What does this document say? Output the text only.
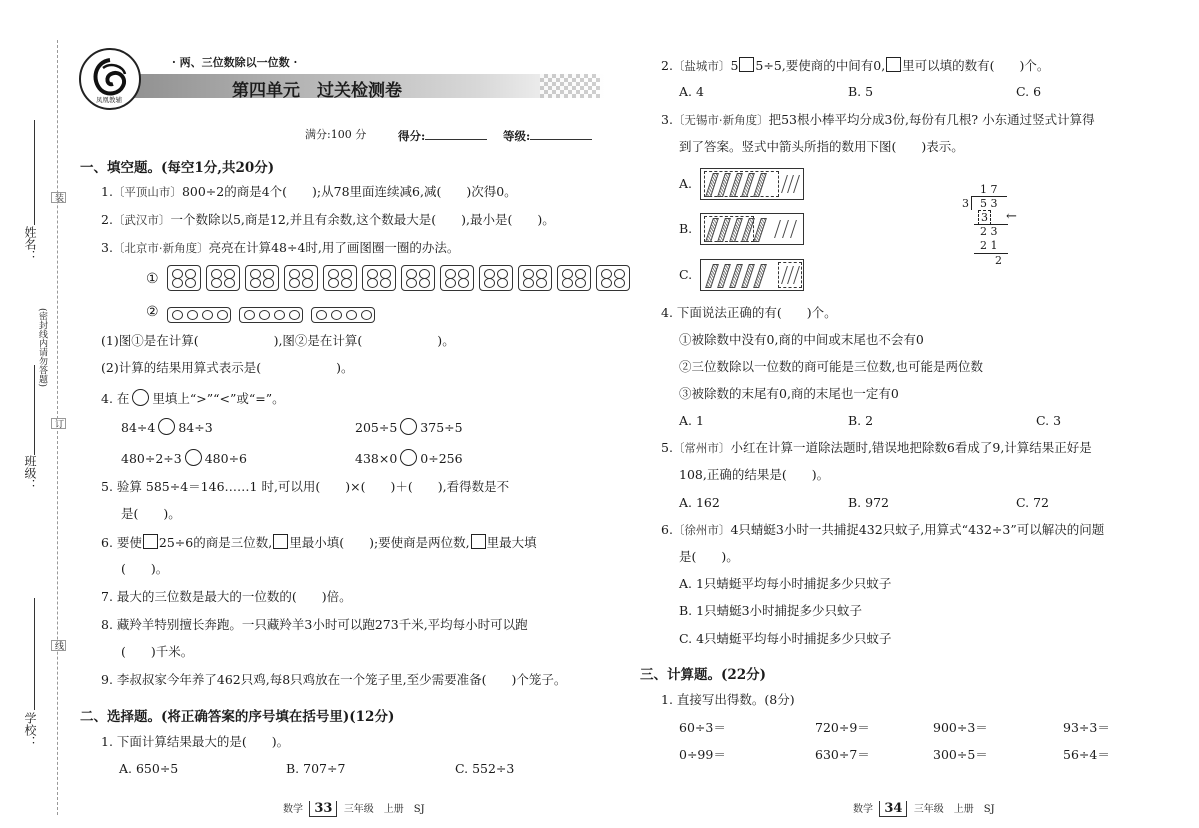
姓名：
班级：
学校：
(密封线内请勿答题)
装
订
线
凤凰教辅
· 两、三位数除以一位数 ·
第四单元　过关检测卷
满分:100 分	得分:	等级:
一、填空题。(每空1分,共20分)
1.〔平顶山市〕800÷2的商是4个(　　);从78里面连续减6,减(　　)次得0。
2.〔武汉市〕一个数除以5,商是12,并且有余数,这个数最大是(　　),最小是(　　)。
3.〔北京市·新角度〕亮亮在计算48÷4时,用了画图圈一圈的办法。
①
②
(1)图①是在计算(　　　　　　),图②是在计算(　　　　　　)。
(2)计算的结果用算式表示是(　　　　　　)。
4. 在 里填上“>”“<”或“=”。
84÷4 84÷3	205÷5 375÷5
480÷2÷3 480÷6	438×0 0÷256
5. 验算 585÷4＝146……1 时,可以用(　　)×(　　)＋(　　),看得数是不
是(　　)。
6. 要使 25÷6的商是三位数, 里最小填(　　);要使商是两位数, 里最大填
(　　)。
7. 最大的三位数是最大的一位数的(　　)倍。
8. 藏羚羊特别擅长奔跑。一只藏羚羊3小时可以跑273千米,平均每小时可以跑
(　　)千米。
9. 李叔叔家今年养了462只鸡,每8只鸡放在一个笼子里,至少需要准备(　　)个笼子。
二、选择题。(将正确答案的序号填在括号里)(12分)
1. 下面计算结果最大的是(　　)。
A. 650÷5	B. 707÷7	C. 552÷3
数学 33 三年级　上册　SJ
2.〔盐城市〕5 5÷5,要使商的中间有0, 里可以填的数有(　　)个。
A. 4	B. 5	C. 6
3.〔无锡市·新角度〕把53根小棒平均分成3份,每份有几根? 小东通过竖式计算得
到了答案。竖式中箭头所指的数用下图(　　)表示。
A.
B.
C.
1 7
3 5 3
3 ←
2 3
2 1
2
4. 下面说法正确的有(　　)个。
①被除数中没有0,商的中间或末尾也不会有0
②三位数除以一位数的商可能是三位数,也可能是两位数
③被除数的末尾有0,商的末尾也一定有0
A. 1	B. 2	C. 3
5.〔常州市〕小红在计算一道除法题时,错误地把除数6看成了9,计算结果正好是
108,正确的结果是(　　)。
A. 162	B. 972	C. 72
6.〔徐州市〕4只蜻蜓3小时一共捕捉432只蚊子,用算式“432÷3”可以解决的问题
是(　　)。
A. 1只蜻蜓平均每小时捕捉多少只蚊子
B. 1只蜻蜓3小时捕捉多少只蚊子
C. 4只蜻蜓平均每小时捕捉多少只蚊子
三、计算题。(22分)
1. 直接写出得数。(8分)
60÷3＝	720÷9＝	900÷3＝	93÷3＝
0÷99＝	630÷7＝	300÷5＝	56÷4＝
数学 34 三年级　上册　SJ
